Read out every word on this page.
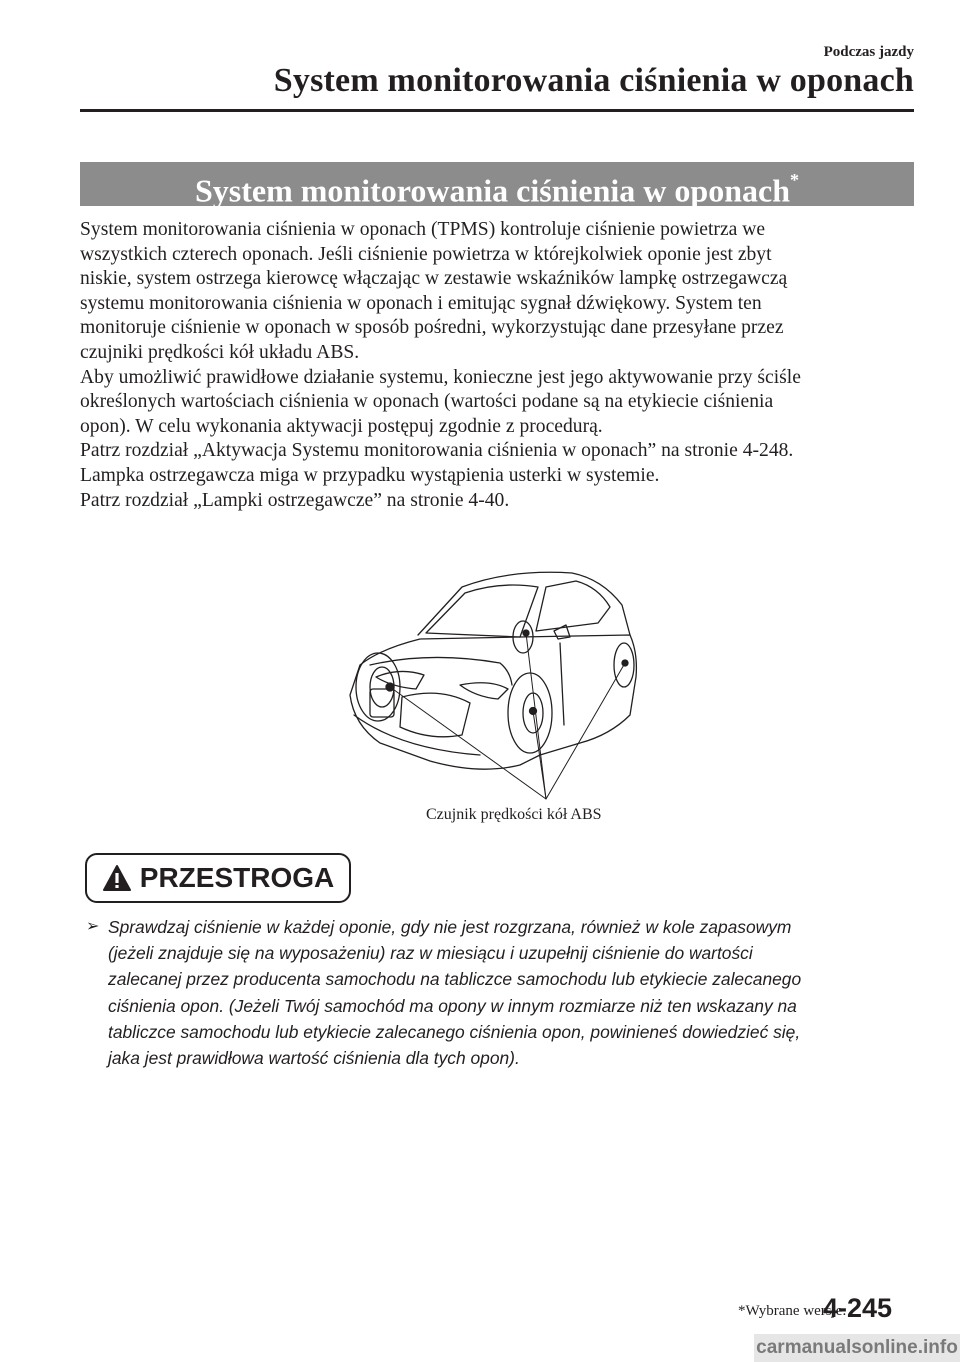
Podczas jazdy
System monitorowania ciśnienia w oponach
System monitorowania ciśnienia w oponach*

System monitorowania ciśnienia w oponach (TPMS) kontroluje ciśnienie powietrza we

wszystkich czterech oponach. Jeśli ciśnienie powietrza w którejkolwiek oponie jest zbyt

niskie, system ostrzega kierowcę włączając w zestawie wskaźników lampkę ostrzegawczą

systemu monitorowania ciśnienia w oponach i emitując sygnał dźwiękowy. System ten

monitoruje ciśnienie w oponach w sposób pośredni, wykorzystując dane przesyłane przez

czujniki prędkości kół układu ABS.

Aby umożliwić prawidłowe działanie systemu, konieczne jest jego aktywowanie przy ściśle

określonych wartościach ciśnienia w oponach (wartości podane są na etykiecie ciśnienia

opon). W celu wykonania aktywacji postępuj zgodnie z procedurą.

Patrz rozdział „Aktywacja Systemu monitorowania ciśnienia w oponach” na stronie 4-248.

Lampka ostrzegawcza miga w przypadku wystąpienia usterki w systemie.

Patrz rozdział „Lampki ostrzegawcze” na stronie 4-40.

Czujnik prędkości kół ABS
PRZESTROGA
➢ Sprawdzaj ciśnienie w każdej oponie, gdy nie jest rozgrzana, również w kole zapasowym
(jeżeli znajduje się na wyposażeniu) raz w miesiącu i uzupełnij ciśnienie do wartości
zalecanej przez producenta samochodu na tabliczce samochodu lub etykiecie zalecanego
ciśnienia opon. (Jeżeli Twój samochód ma opony w innym rozmiarze niż ten wskazany na
tabliczce samochodu lub etykiecie zalecanego ciśnienia opon, powinieneś dowiedzieć się,
jaka jest prawidłowa wartość ciśnienia dla tych opon).
*Wybrane wersje.
4-245
carmanualsonline.info
